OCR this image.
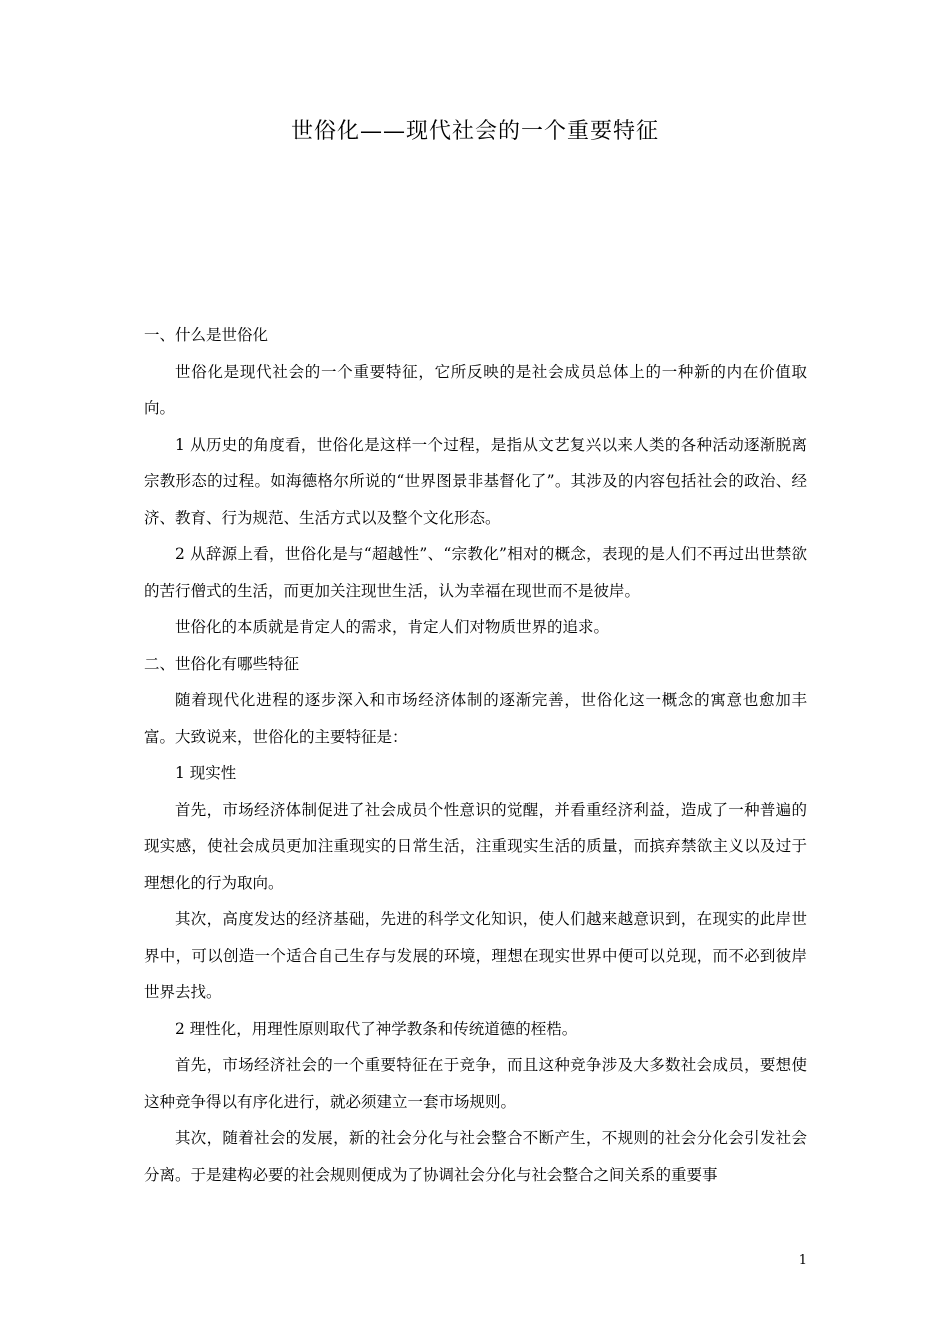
世俗化——现代社会的一个重要特征

一、什么是世俗化

世俗化是现代社会的一个重要特征，它所反映的是社会成员总体上的一种新的内在价值取向。

1 从历史的角度看，世俗化是这样一个过程，是指从文艺复兴以来人类的各种活动逐渐脱离宗教形态的过程。如海德格尔所说的“世界图景非基督化了”。其涉及的内容包括社会的政治、经济、教育、行为规范、生活方式以及整个文化形态。

2 从辞源上看，世俗化是与“超越性”、“宗教化”相对的概念，表现的是人们不再过出世禁欲的苦行僧式的生活，而更加关注现世生活，认为幸福在现世而不是彼岸。

世俗化的本质就是肯定人的需求，肯定人们对物质世界的追求。

二、世俗化有哪些特征

随着现代化进程的逐步深入和市场经济体制的逐渐完善，世俗化这一概念的寓意也愈加丰富。大致说来，世俗化的主要特征是：

1 现实性

首先，市场经济体制促进了社会成员个性意识的觉醒，并看重经济利益，造成了一种普遍的现实感，使社会成员更加注重现实的日常生活，注重现实生活的质量，而摈弃禁欲主义以及过于理想化的行为取向。

其次，高度发达的经济基础，先进的科学文化知识，使人们越来越意识到，在现实的此岸世界中，可以创造一个适合自己生存与发展的环境，理想在现实世界中便可以兑现，而不必到彼岸世界去找。

2 理性化，用理性原则取代了神学教条和传统道德的桎梏。

首先，市场经济社会的一个重要特征在于竞争，而且这种竞争涉及大多数社会成员，要想使这种竞争得以有序化进行，就必须建立一套市场规则。

其次，随着社会的发展，新的社会分化与社会整合不断产生，不规则的社会分化会引发社会分离。于是建构必要的社会规则便成为了协调社会分化与社会整合之间关系的重要事

1
